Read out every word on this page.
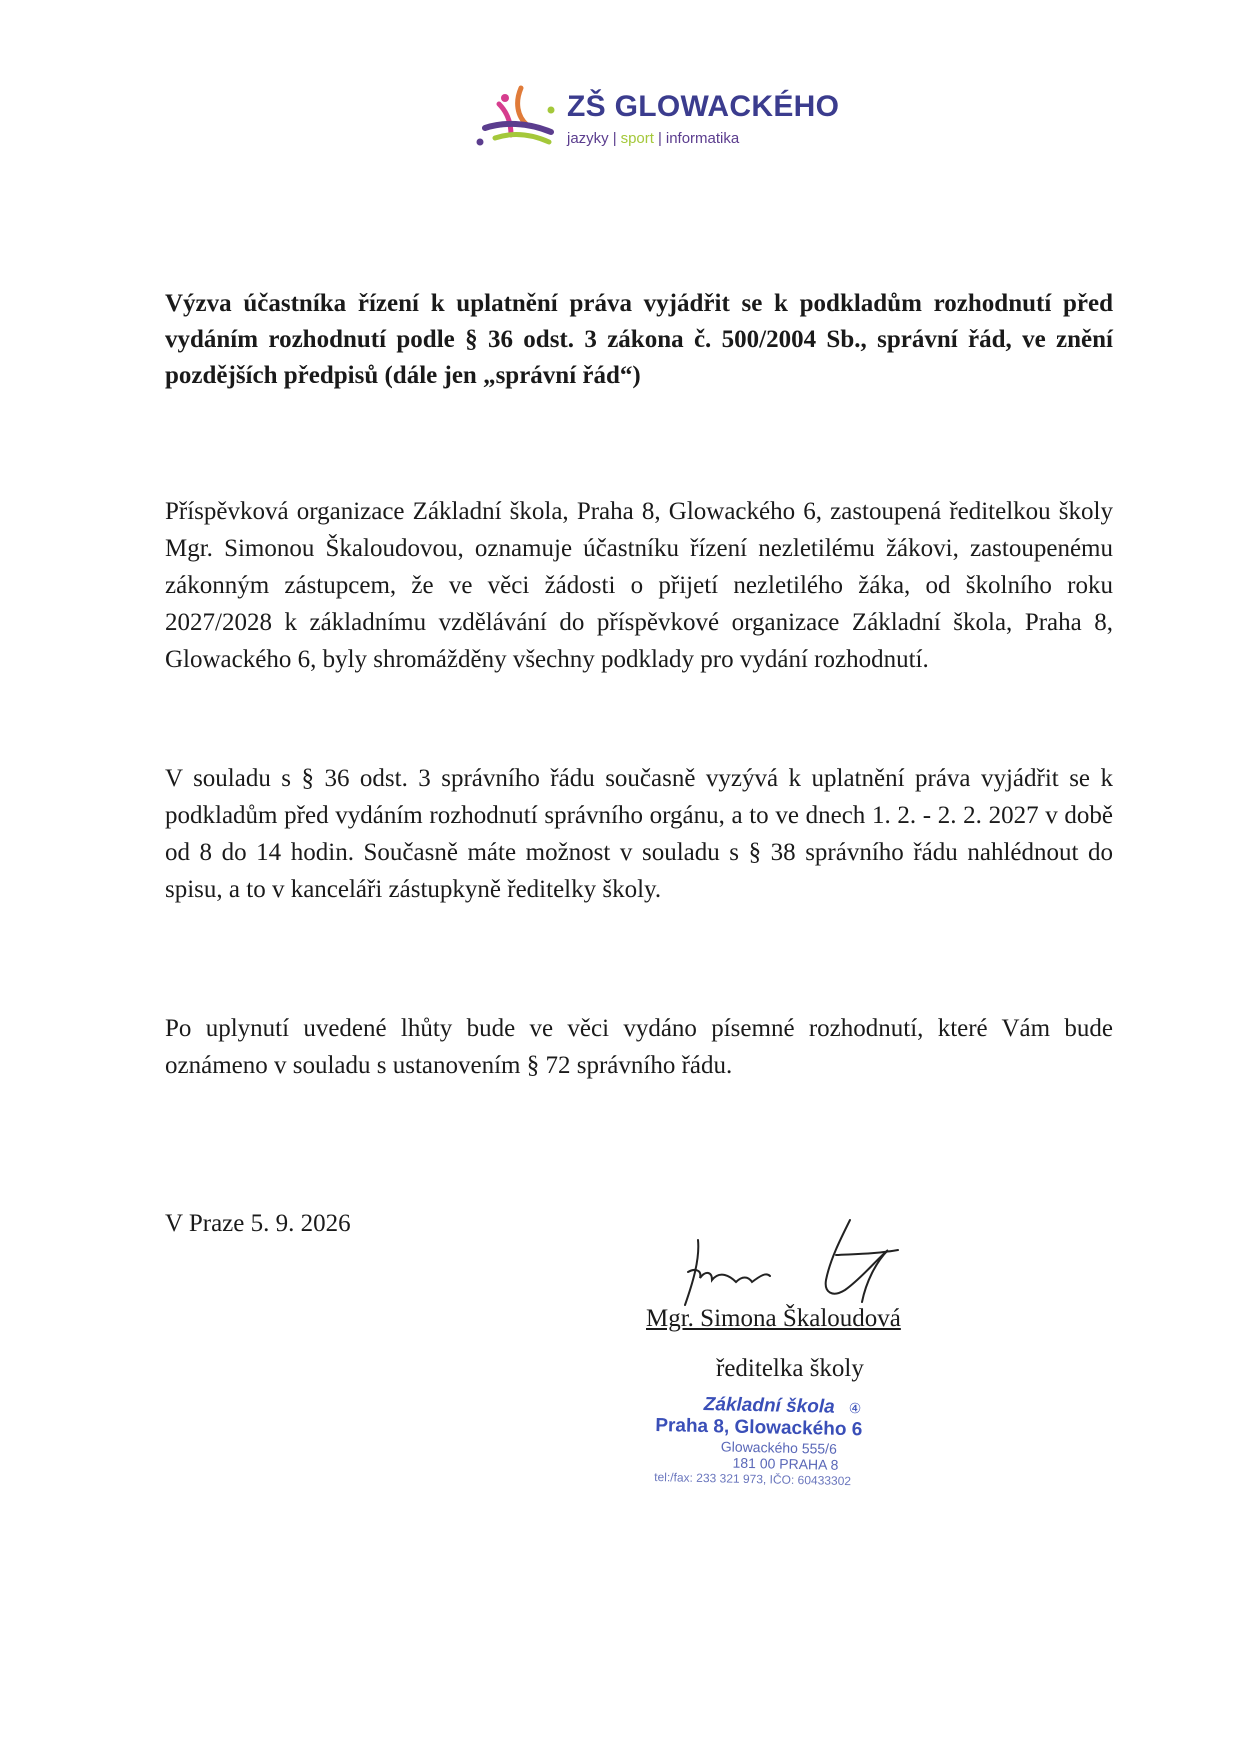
ZŠ GLOWACKÉHO
jazyky | sport | informatika
Výzva účastníka řízení k uplatnění práva vyjádřit se k podkladům rozhodnutí před vydáním rozhodnutí podle § 36 odst. 3 zákona č. 500/2004 Sb., správní řád, ve znění pozdějších předpisů (dále jen „správní řád“)
Příspěvková organizace Základní škola, Praha 8, Glowackého 6, zastoupená ředitelkou školy Mgr. Simonou Škaloudovou, oznamuje účastníku řízení nezletilému žákovi, zastoupenému zákonným zástupcem, že ve věci žádosti o přijetí nezletilého žáka, od školního roku 2027/2028 k základnímu vzdělávání do příspěvkové organizace Základní škola, Praha 8, Glowackého 6, byly shromážděny všechny podklady pro vydání rozhodnutí.
V souladu s § 36 odst. 3 správního řádu současně vyzývá k uplatnění práva vyjádřit se k podkladům před vydáním rozhodnutí správního orgánu, a to ve dnech 1. 2. - 2. 2. 2027 v době od 8 do 14 hodin. Současně máte možnost v souladu s § 38 správního řádu nahlédnout do spisu, a to v kanceláři zástupkyně ředitelky školy.
Po uplynutí uvedené lhůty bude ve věci vydáno písemné rozhodnutí, které Vám bude oznámeno v souladu s ustanovením § 72 správního řádu.
V Praze 5. 9. 2026
Mgr. Simona Škaloudová
ředitelka školy
Základní škola ④
Praha 8, Glowackého 6
Glowackého 555/6
181 00 PRAHA 8
tel:/fax: 233 321 973, IČO: 60433302
